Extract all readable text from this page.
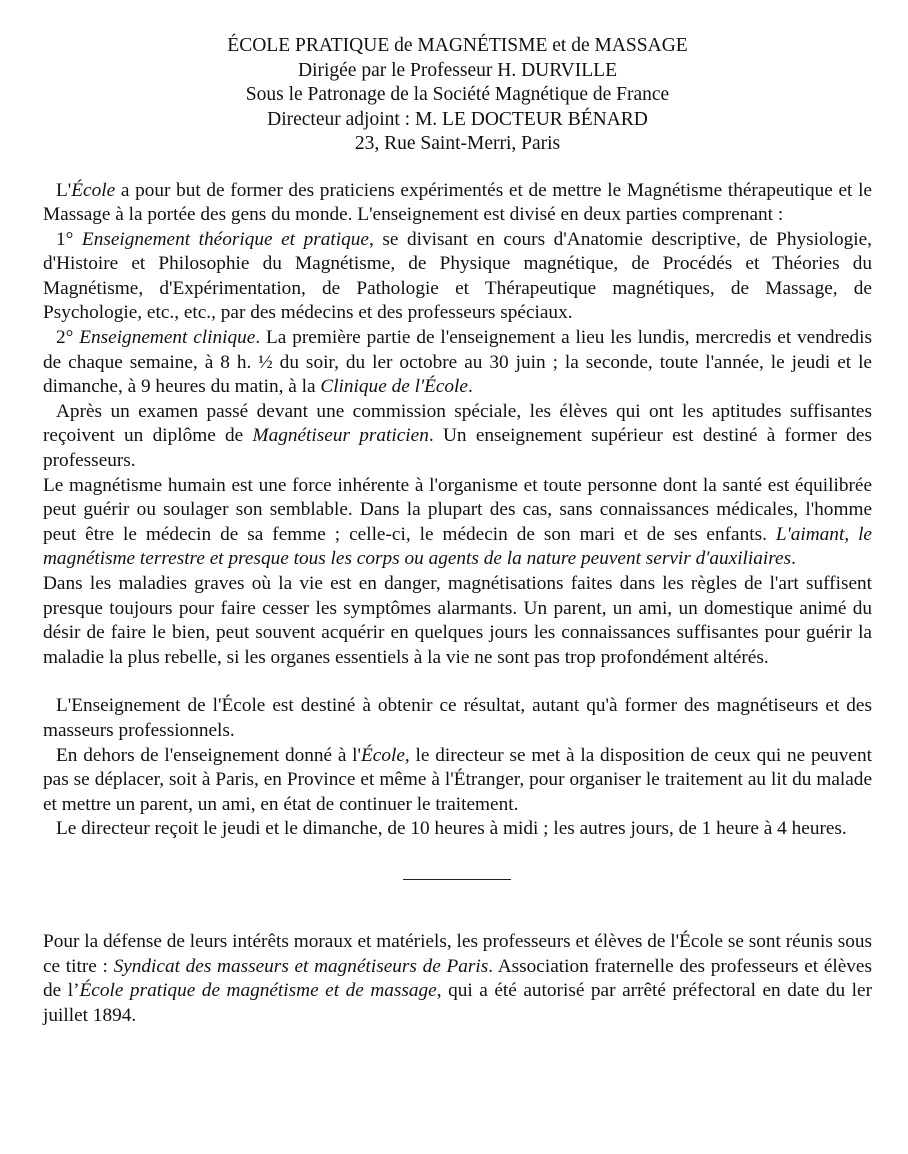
ÉCOLE PRATIQUE de MAGNÉTISME et de MASSAGE
Dirigée par le Professeur H. DURVILLE
Sous le Patronage de la Société Magnétique de France
Directeur adjoint : M. LE DOCTEUR BÉNARD
23, Rue Saint-Merri, Paris

L'École a pour but de former des praticiens expérimentés et de mettre le Magnétisme thérapeutique et le Massage à la portée des gens du monde. L'enseignement est divisé en deux parties comprenant :

1° Enseignement théorique et pratique, se divisant en cours d'Anatomie descriptive, de Physiologie, d'Histoire et Philosophie du Magnétisme, de Physique magnétique, de Procédés et Théories du Magnétisme, d'Expérimentation, de Pathologie et Thérapeutique magnétiques, de Massage, de Psychologie, etc., etc., par des médecins et des professeurs spéciaux.

2° Enseignement clinique. La première partie de l'enseignement a lieu les lundis, mercredis et vendredis de chaque semaine, à 8 h. ½ du soir, du ler octobre au 30 juin ; la seconde, toute l'année, le jeudi et le dimanche, à 9 heures du matin, à la Clinique de l'École.

Après un examen passé devant une commission spéciale, les élèves qui ont les aptitudes suffisantes reçoivent un diplôme de Magnétiseur praticien. Un enseignement supérieur est destiné à former des professeurs.

Le magnétisme humain est une force inhérente à l'organisme et toute personne dont la santé est équilibrée peut guérir ou soulager son semblable. Dans la plupart des cas, sans connaissances médicales, l'homme peut être le médecin de sa femme ; celle-ci, le médecin de son mari et de ses enfants. L'aimant, le magnétisme terrestre et presque tous les corps ou agents de la nature peuvent servir d'auxiliaires.

Dans les maladies graves où la vie est en danger, magnétisations faites dans les règles de l'art suffisent presque toujours pour faire cesser les symptômes alarmants. Un parent, un ami, un domestique animé du désir de faire le bien, peut souvent acquérir en quelques jours les connaissances suffisantes pour guérir la maladie la plus rebelle, si les organes essentiels à la vie ne sont pas trop profondément altérés.

L'Enseignement de l'École est destiné à obtenir ce résultat, autant qu'à former des magnétiseurs et des masseurs professionnels.

En dehors de l'enseignement donné à l'École, le directeur se met à la disposition de ceux qui ne peuvent pas se déplacer, soit à Paris, en Province et même à l'Étranger, pour organiser le traitement au lit du malade et mettre un parent, un ami, en état de continuer le traitement.

Le directeur reçoit le jeudi et le dimanche, de 10 heures à midi ; les autres jours, de 1 heure à 4 heures.

Pour la défense de leurs intérêts moraux et matériels, les professeurs et élèves de l'École se sont réunis sous ce titre : Syndicat des masseurs et magnétiseurs de Paris. Association fraternelle des professeurs et élèves de l’École pratique de magnétisme et de massage, qui a été autorisé par arrêté préfectoral en date du ler juillet 1894.
